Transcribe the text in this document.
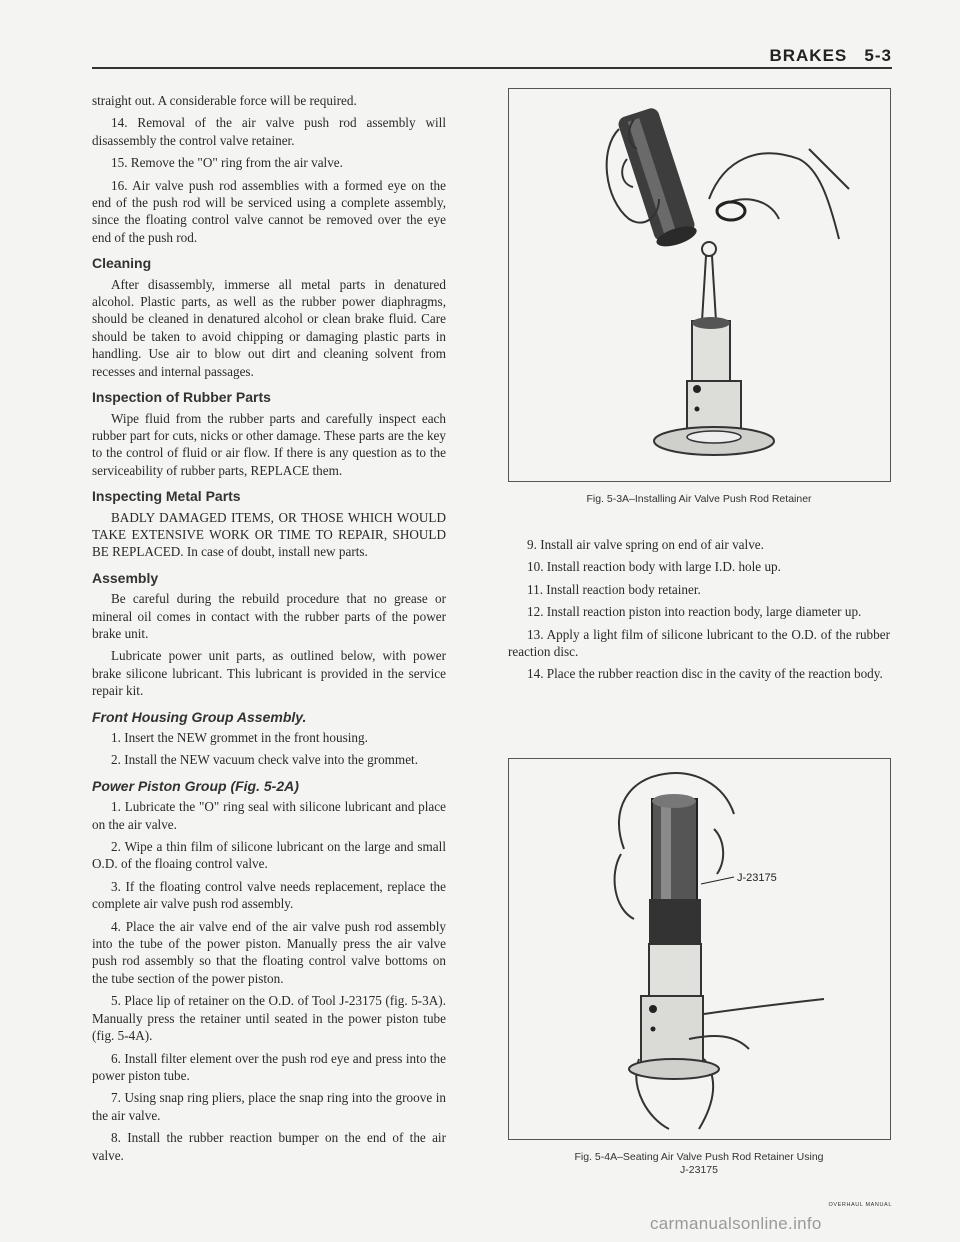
BRAKES   5-3

straight out. A considerable force will be required.

14. Removal of the air valve push rod assembly will disassembly the control valve retainer.

15. Remove the "O" ring from the air valve.

16. Air valve push rod assemblies with a formed eye on the end of the push rod will be serviced using a complete assembly, since the floating control valve cannot be removed over the eye end of the push rod.

Cleaning

After disassembly, immerse all metal parts in denatured alcohol. Plastic parts, as well as the rubber power diaphragms, should be cleaned in denatured alcohol or clean brake fluid. Care should be taken to avoid chipping or damaging plastic parts in handling. Use air to blow out dirt and cleaning solvent from recesses and internal passages.

Inspection of Rubber Parts

Wipe fluid from the rubber parts and carefully inspect each rubber part for cuts, nicks or other damage. These parts are the key to the control of fluid or air flow. If there is any question as to the serviceability of rubber parts, REPLACE them.

Inspecting Metal Parts

BADLY DAMAGED ITEMS, OR THOSE WHICH WOULD TAKE EXTENSIVE WORK OR TIME TO REPAIR, SHOULD BE REPLACED. In case of doubt, install new parts.

Assembly

Be careful during the rebuild procedure that no grease or mineral oil comes in contact with the rubber parts of the power brake unit.

Lubricate power unit parts, as outlined below, with power brake silicone lubricant. This lubricant is provided in the service repair kit.

Front Housing Group Assembly.

1. Insert the NEW grommet in the front housing.

2. Install the NEW vacuum check valve into the grommet.

Power Piston Group (Fig. 5-2A)

1. Lubricate the "O" ring seal with silicone lubricant and place on the air valve.

2. Wipe a thin film of silicone lubricant on the large and small O.D. of the floaing control valve.

3. If the floating control valve needs replacement, replace the complete air valve push rod assembly.

4. Place the air valve end of the air valve push rod assembly into the tube of the power piston. Manually press the air valve push rod assembly so that the floating control valve bottoms on the tube section of the power piston.

5. Place lip of retainer on the O.D. of Tool J-23175 (fig. 5-3A). Manually press the retainer until seated in the power piston tube (fig. 5-4A).

6. Install filter element over the push rod eye and press into the power piston tube.

7. Using snap ring pliers, place the snap ring into the groove in the air valve.

8. Install the rubber reaction bumper on the end of the air valve.

Fig. 5-3A–Installing Air Valve Push Rod Retainer

9. Install air valve spring on end of air valve.

10. Install reaction body with large I.D. hole up.

11. Install reaction body retainer.

12. Install reaction piston into reaction body, large diameter up.

13. Apply a light film of silicone lubricant to the O.D. of the rubber reaction disc.

14. Place the rubber reaction disc in the cavity of the reaction body.

J-23175
Fig. 5-4A–Seating Air Valve Push Rod Retainer Using
J-23175
OVERHAUL MANUAL
carmanualsonline.info
